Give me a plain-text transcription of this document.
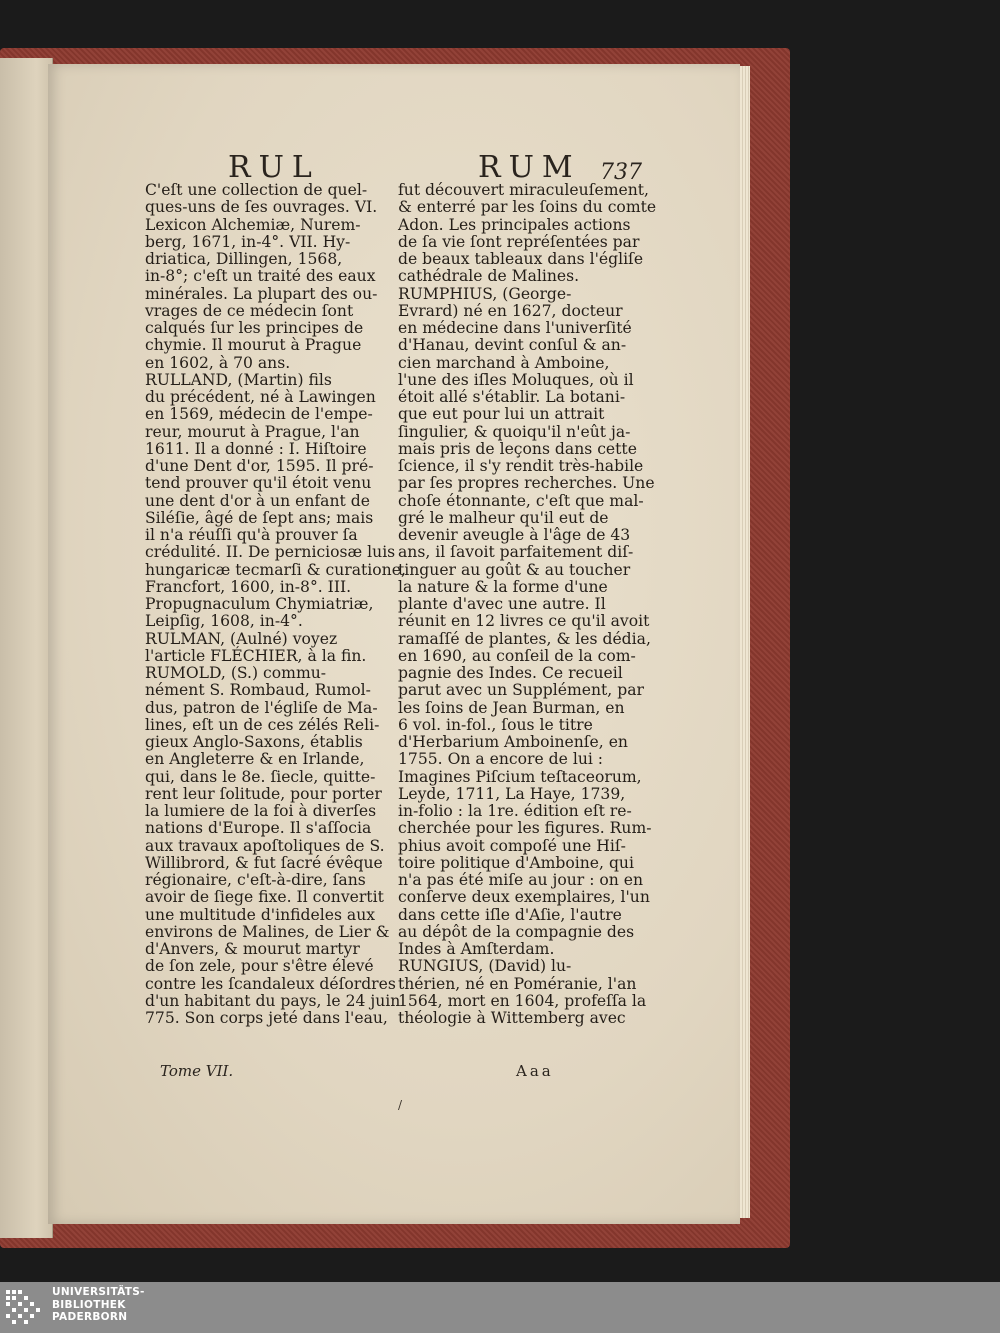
RUL	RUM 737
C'eſt une collection de quel-
ques-uns de ſes ouvrages. VI.
Lexicon Alchemiæ, Nurem-
berg, 1671, in-4°. VII. Hy-
driatica, Dillingen, 1568,
in-8°; c'eſt un traité des eaux
minérales. La plupart des ou-
vrages de ce médecin ſont
calqués ſur les principes de
chymie. Il mourut à Prague
en 1602, à 70 ans.
RULLAND, (Martin) fils
du précédent, né à Lawingen
en 1569, médecin de l'empe-
reur, mourut à Prague, l'an
1611. Il a donné : I. Hiſtoire
d'une Dent d'or, 1595. Il pré-
tend prouver qu'il étoit venu
une dent d'or à un enfant de
Siléſie, âgé de ſept ans; mais
il n'a réuſſi qu'à prouver ſa
crédulité. II. De perniciosæ luis
hungaricæ tecmarſi & curatione,
Francfort, 1600, in-8°. III.
Propugnaculum Chymiatriæ,
Leipſig, 1608, in-4°.
RULMAN, (Aulné) voyez
l'article FLÉCHIER, à la fin.
RUMOLD, (S.) commu-
nément S. Rombaud, Rumol-
dus, patron de l'égliſe de Ma-
lines, eſt un de ces zélés Reli-
gieux Anglo-Saxons, établis
en Angleterre & en Irlande,
qui, dans le 8e. ſiecle, quitte-
rent leur ſolitude, pour porter
la lumiere de la foi à diverſes
nations d'Europe. Il s'aſſocia
aux travaux apoſtoliques de S.
Willibrord, & fut ſacré évêque
régionaire, c'eſt-à-dire, ſans
avoir de ſiege fixe. Il convertit
une multitude d'infideles aux
environs de Malines, de Lier &
d'Anvers, & mourut martyr
de ſon zele, pour s'être élevé
contre les ſcandaleux déſordres
d'un habitant du pays, le 24 juin
775. Son corps jeté dans l'eau,
fut découvert miraculeuſement,
& enterré par les ſoins du comte
Adon. Les principales actions
de ſa vie ſont repréſentées par
de beaux tableaux dans l'égliſe
cathédrale de Malines.
RUMPHIUS, (George-
Evrard) né en 1627, docteur
en médecine dans l'univerſité
d'Hanau, devint conſul & an-
cien marchand à Amboine,
l'une des iſles Moluques, où il
étoit allé s'établir. La botani-
que eut pour lui un attrait
ſingulier, & quoiqu'il n'eût ja-
mais pris de leçons dans cette
ſcience, il s'y rendit très-habile
par ſes propres recherches. Une
choſe étonnante, c'eſt que mal-
gré le malheur qu'il eut de
devenir aveugle à l'âge de 43
ans, il ſavoit parfaitement diſ-
tinguer au goût & au toucher
la nature & la forme d'une
plante d'avec une autre. Il
réunit en 12 livres ce qu'il avoit
ramaſſé de plantes, & les dédia,
en 1690, au conſeil de la com-
pagnie des Indes. Ce recueil
parut avec un Supplément, par
les ſoins de Jean Burman, en
6 vol. in-fol., ſous le titre
d'Herbarium Amboinenſe, en
1755. On a encore de lui :
Imagines Piſcium teſtaceorum,
Leyde, 1711, La Haye, 1739,
in-folio : la 1re. édition eſt re-
cherchée pour les figures. Rum-
phius avoit compoſé une Hiſ-
toire politique d'Amboine, qui
n'a pas été miſe au jour : on en
conſerve deux exemplaires, l'un
dans cette iſle d'Aſie, l'autre
au dépôt de la compagnie des
Indes à Amſterdam.
RUNGIUS, (David) lu-
thérien, né en Poméranie, l'an
1564, mort en 1604, profeſſa la
théologie à Wittemberg avec
Tome VII.	Aaa
/
UNIVERSITÄTS-
BIBLIOTHEK
PADERBORN
